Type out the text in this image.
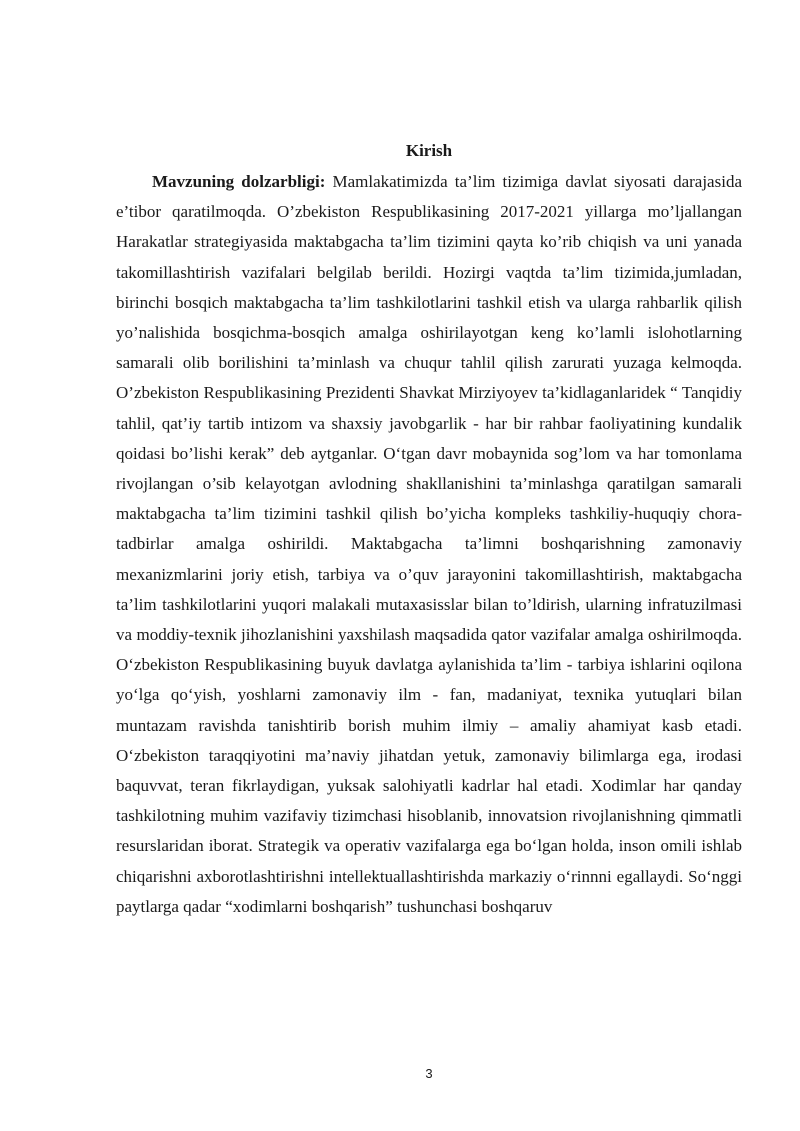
Kirish

Mavzuning dolzarbligi: Mamlakatimizda ta’lim tizimiga davlat siyosati darajasida e’tibor qaratilmoqda. O’zbekiston Respublikasining 2017-2021 yillarga mo’ljallangan Harakatlar strategiyasida maktabgacha ta’lim tizimini qayta ko’rib chiqish va uni yanada takomillashtirish vazifalari belgilab berildi. Hozirgi vaqtda ta’lim tizimida,jumladan, birinchi bosqich maktabgacha ta’lim tashkilotlarini tashkil etish va ularga rahbarlik qilish yo’nalishida bosqichma-bosqich amalga oshirilayotgan keng ko’lamli islohotlarning samarali olib borilishini ta’minlash va chuqur tahlil qilish zarurati yuzaga kelmoqda. O’zbekiston Respublikasining Prezidenti Shavkat Mirziyoyev ta’kidlaganlaridek “ Tanqidiy tahlil, qat’iy tartib intizom va shaxsiy javobgarlik - har bir rahbar faoliyatining kundalik qoidasi bo’lishi kerak” deb aytganlar. O‘tgan davr mobaynida sog’lom va har tomonlama rivojlangan o’sib kelayotgan avlodning shakllanishini ta’minlashga qaratilgan samarali maktabgacha ta’lim tizimini tashkil qilish bo’yicha kompleks tashkiliy-huquqiy chora-tadbirlar amalga oshirildi. Maktabgacha ta’limni boshqarishning zamonaviy mexanizmlarini joriy etish, tarbiya va o’quv jarayonini takomillashtirish, maktabgacha ta’lim tashkilotlarini yuqori malakali mutaxasisslar bilan to’ldirish, ularning infratuzilmasi va moddiy-texnik jihozlanishini yaxshilash maqsadida qator vazifalar amalga oshirilmoqda. O‘zbekiston Respublikasining buyuk davlatga aylanishida ta’lim - tarbiya ishlarini oqilona yo‘lga qo‘yish, yoshlarni zamonaviy ilm - fan, madaniyat, texnika yutuqlari bilan muntazam ravishda tanishtirib borish muhim ilmiy – amaliy ahamiyat kasb etadi. O‘zbekiston taraqqiyotini ma’naviy jihatdan yetuk, zamonaviy bilimlarga ega, irodasi baquvvat, teran fikrlaydigan, yuksak salohiyatli kadrlar hal etadi. Xodimlar har qanday tashkilotning muhim vazifaviy tizimchasi hisoblanib, innovatsion rivojlanishning qimmatli resurslaridan iborat. Strategik va operativ vazifalarga ega bo‘lgan holda, inson omili ishlab chiqarishni axborotlashtirishni intellektuallashtirishda markaziy o‘rinnni egallaydi. So‘nggi paytlarga qadar “xodimlarni boshqarish” tushunchasi boshqaruv

3
